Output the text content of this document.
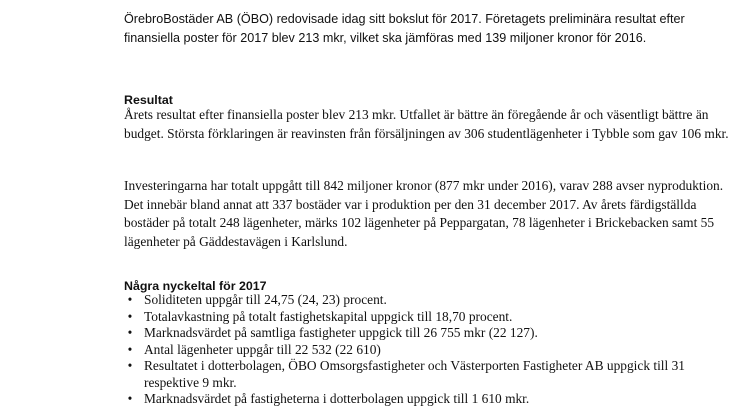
ÖrebroBostäder AB (ÖBO) redovisade idag sitt bokslut för 2017. Företagets preliminära resultat efter finansiella poster för 2017 blev 213 mkr, vilket ska jämföras med 139 miljoner kronor för 2016.

Resultat

Årets resultat efter finansiella poster blev 213 mkr. Utfallet är bättre än föregående år och väsentligt bättre än budget. Största förklaringen är reavinsten från försäljningen av 306 studentlägenheter i Tybble som gav 106 mkr.

Investeringarna har totalt uppgått till 842 miljoner kronor (877 mkr under 2016), varav 288 avser nyproduktion. Det innebär bland annat att 337 bostäder var i produktion per den 31 december 2017. Av årets färdigställda bostäder på totalt 248 lägenheter, märks 102 lägenheter på Peppargatan, 78 lägenheter i Brickebacken samt 55 lägenheter på Gäddestavägen i Karlslund.

Några nyckeltal för 2017

• Soliditeten uppgår till 24,75 (24, 23) procent.
• Totalavkastning på totalt fastighetskapital uppgick till 18,70 procent.
• Marknadsvärdet på samtliga fastigheter uppgick till 26 755 mkr (22 127).
• Antal lägenheter uppgår till 22 532 (22 610)
• Resultatet i dotterbolagen, ÖBO Omsorgsfastigheter och Västerporten Fastigheter AB uppgick till 31 respektive 9 mkr.
• Marknadsvärdet på fastigheterna i dotterbolagen uppgick till 1 610 mkr.
